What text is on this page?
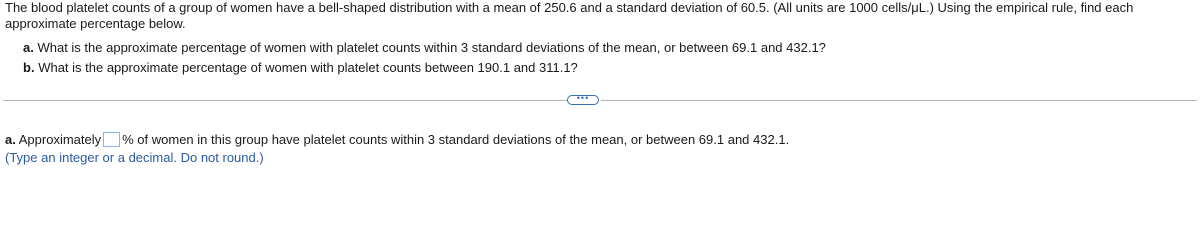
The blood platelet counts of a group of women have a bell-shaped distribution with a mean of 250.6 and a standard deviation of 60.5. (All units are 1000 cells/μL.) Using the empirical rule, find each approximate percentage below.

a. What is the approximate percentage of women with platelet counts within 3 standard deviations of the mean, or between 69.1 and 432.1?
b. What is the approximate percentage of women with platelet counts between 190.1 and 311.1?
•••
a. Approximately % of women in this group have platelet counts within 3 standard deviations of the mean, or between 69.1 and 432.1.
(Type an integer or a decimal. Do not round.)
